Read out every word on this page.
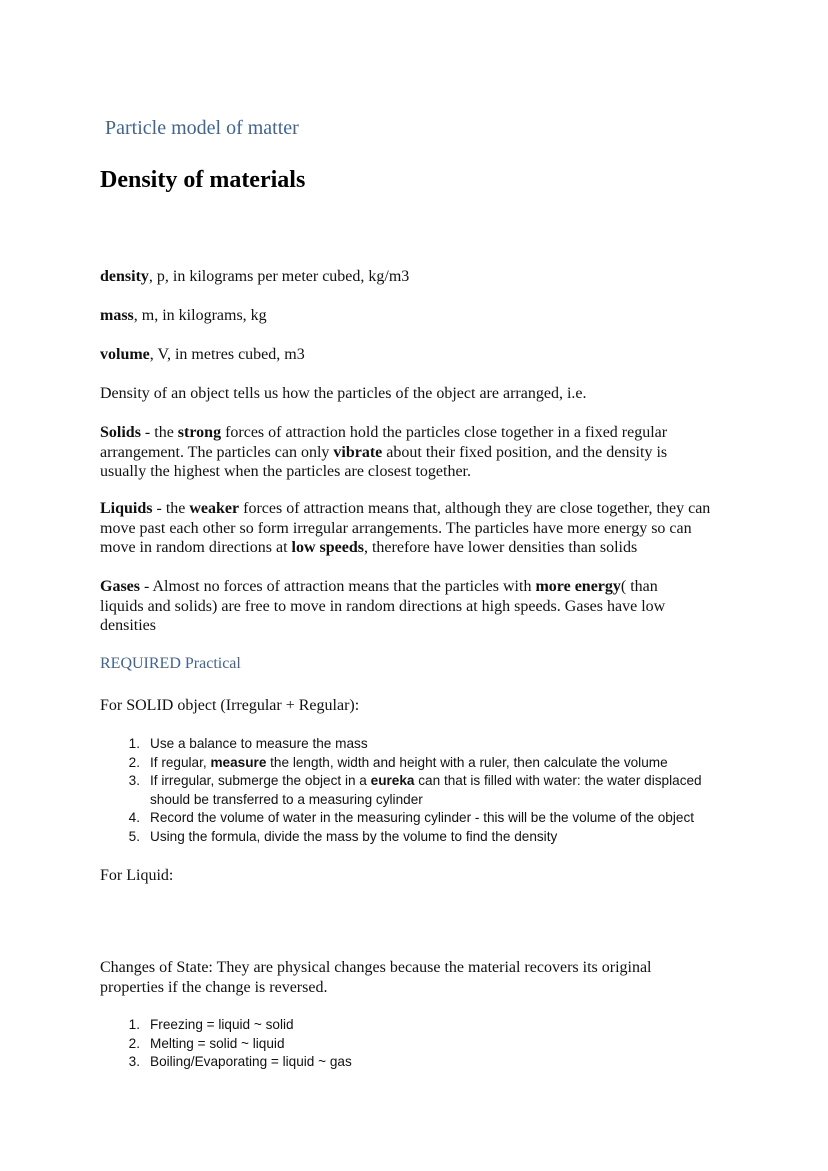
Particle model of matter
Density of materials
density, p, in kilograms per meter cubed, kg/m3
mass, m, in kilograms, kg
volume, V, in metres cubed, m3
Density of an object tells us how the particles of the object are arranged, i.e.
Solids - the strong forces of attraction hold the particles close together in a fixed regular arrangement. The particles can only vibrate about their fixed position, and the density is usually the highest when the particles are closest together.
Liquids - the weaker forces of attraction means that, although they are close together, they can move past each other so form irregular arrangements. The particles have more energy so can move in random directions at low speeds, therefore have lower densities than solids
Gases - Almost no forces of attraction means that the particles with more energy( than liquids and solids) are free to move in random directions at high speeds. Gases have low densities
REQUIRED Practical
For SOLID object (Irregular + Regular):
1. Use a balance to measure the mass
2. If regular, measure the length, width and height with a ruler, then calculate the volume
3. If irregular, submerge the object in a eureka can that is filled with water: the water displaced should be transferred to a measuring cylinder
4. Record the volume of water in the measuring cylinder - this will be the volume of the object
5. Using the formula, divide the mass by the volume to find the density
For Liquid:
Changes of State: They are physical changes because the material recovers its original properties if the change is reversed.
1. Freezing = liquid ~ solid
2. Melting = solid ~ liquid
3. Boiling/Evaporating = liquid ~ gas
